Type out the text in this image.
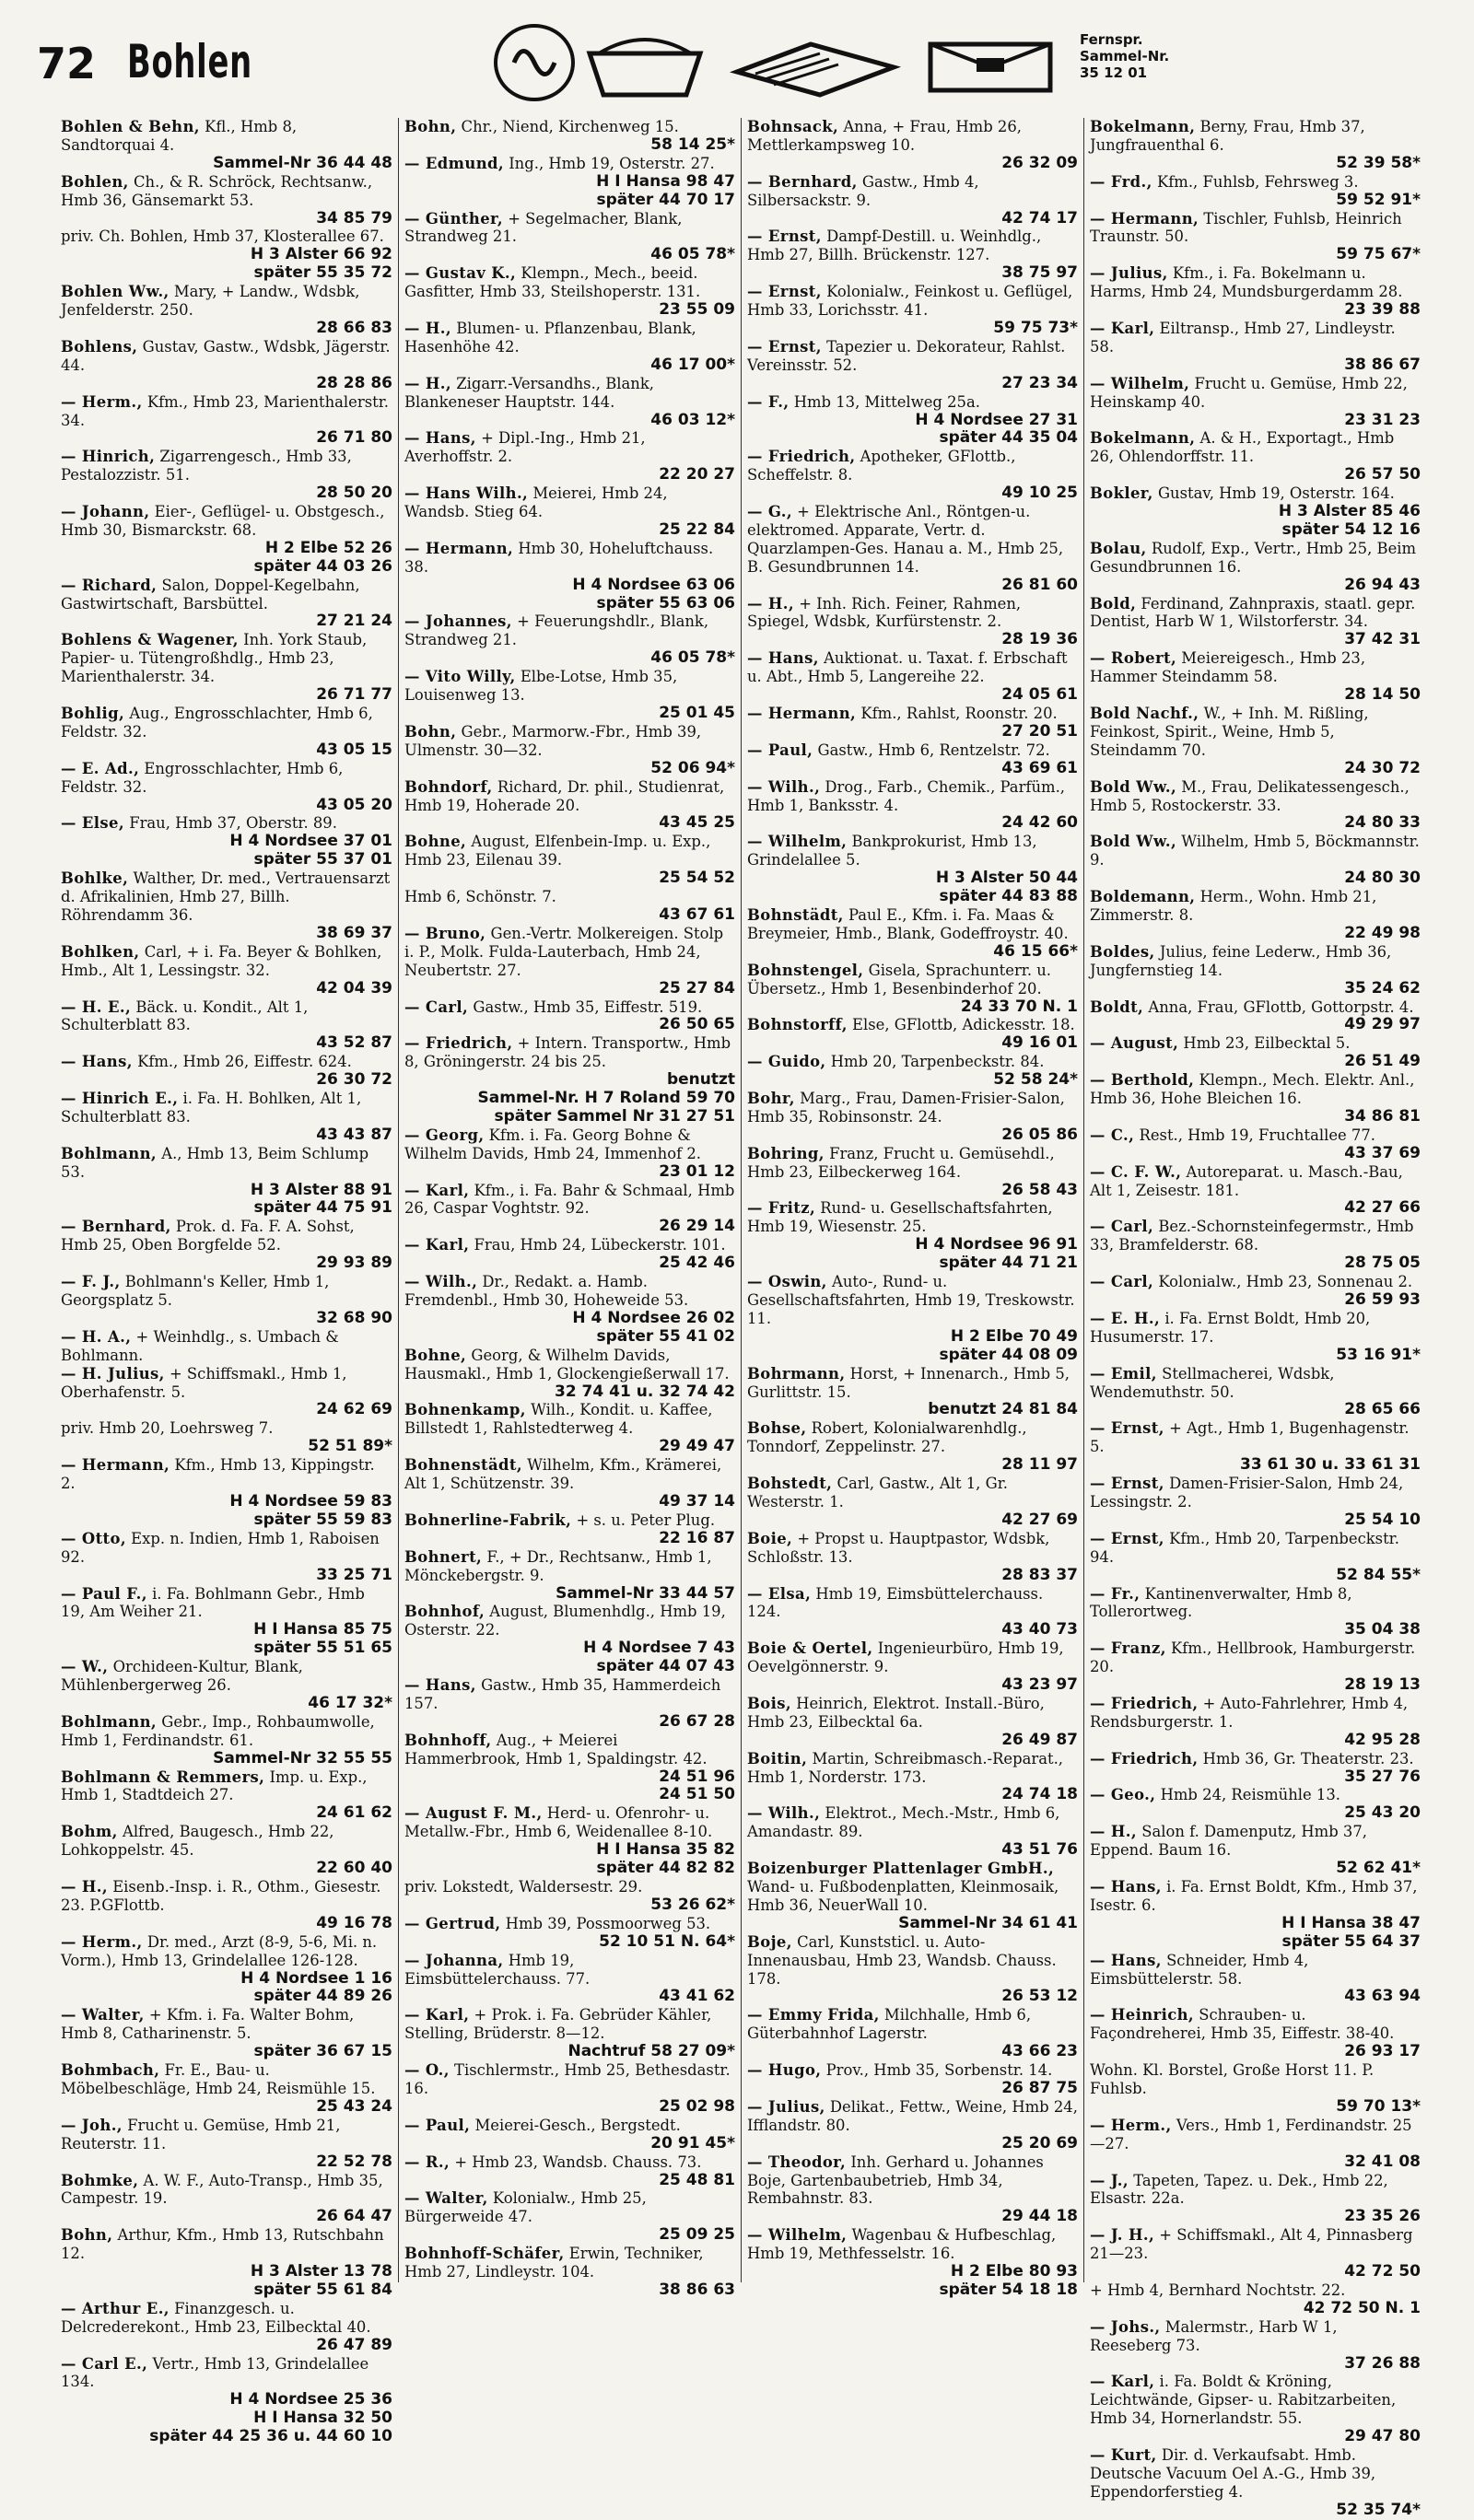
72 Bohlen	Fernspr.
Sammel-Nr.
35 12 01
Bohlen & Behn, Kfl., Hmb 8, Sandtorquai 4.
Sammel-Nr 36 44 48
Bohlen, Ch., & R. Schröck, Rechtsanw., Hmb 36, Gänsemarkt 53.
34 85 79
priv. Ch. Bohlen, Hmb 37, Klosterallee 67.
H 3 Alster 66 92
später 55 35 72
Bohlen Ww., Mary, + Landw., Wdsbk, Jenfelderstr. 250.
28 66 83
Bohlens, Gustav, Gastw., Wdsbk, Jägerstr. 44.
28 28 86
— Herm., Kfm., Hmb 23, Marienthalerstr. 34.
26 71 80
— Hinrich, Zigarrengesch., Hmb 33, Pestalozzistr. 51.
28 50 20
— Johann, Eier-, Geflügel- u. Obstgesch., Hmb 30, Bismarckstr. 68.
H 2 Elbe 52 26
später 44 03 26
— Richard, Salon, Doppel-Kegelbahn, Gastwirtschaft, Barsbüttel.
27 21 24
Bohlens & Wagener, Inh. York Staub, Papier- u. Tütengroßhdlg., Hmb 23, Marienthalerstr. 34.
26 71 77
Bohlig, Aug., Engrosschlachter, Hmb 6, Feldstr. 32.
43 05 15
— E. Ad., Engrosschlachter, Hmb 6, Feldstr. 32.
43 05 20
— Else, Frau, Hmb 37, Oberstr. 89.
H 4 Nordsee 37 01
später 55 37 01
Bohlke, Walther, Dr. med., Vertrauensarzt d. Afrikalinien, Hmb 27, Billh. Röhrendamm 36.
38 69 37
Bohlken, Carl, + i. Fa. Beyer & Bohlken, Hmb., Alt 1, Lessingstr. 32.
42 04 39
— H. E., Bäck. u. Kondit., Alt 1, Schulterblatt 83.
43 52 87
— Hans, Kfm., Hmb 26, Eiffestr. 624.
26 30 72
— Hinrich E., i. Fa. H. Bohlken, Alt 1, Schulterblatt 83.
43 43 87
Bohlmann, A., Hmb 13, Beim Schlump 53.
H 3 Alster 88 91
später 44 75 91
— Bernhard, Prok. d. Fa. F. A. Sohst, Hmb 25, Oben Borgfelde 52.
29 93 89
— F. J., Bohlmann's Keller, Hmb 1, Georgsplatz 5.
32 68 90
— H. A., + Weinhdlg., s. Umbach & Bohlmann.
— H. Julius, + Schiffsmakl., Hmb 1, Oberhafenstr. 5.
24 62 69
priv. Hmb 20, Loehrsweg 7.
52 51 89*
— Hermann, Kfm., Hmb 13, Kippingstr. 2.
H 4 Nordsee 59 83
später 55 59 83
— Otto, Exp. n. Indien, Hmb 1, Raboisen 92.
33 25 71
— Paul F., i. Fa. Bohlmann Gebr., Hmb 19, Am Weiher 21.
H I Hansa 85 75
später 55 51 65
— W., Orchideen-Kultur, Blank, Mühlenbergerweg 26.
46 17 32*
Bohlmann, Gebr., Imp., Rohbaumwolle, Hmb 1, Ferdinandstr. 61.
Sammel-Nr 32 55 55
Bohlmann & Remmers, Imp. u. Exp., Hmb 1, Stadtdeich 27.
24 61 62
Bohm, Alfred, Baugesch., Hmb 22, Lohkoppelstr. 45.
22 60 40
— H., Eisenb.-Insp. i. R., Othm., Giesestr. 23. P.GFlottb.
49 16 78
— Herm., Dr. med., Arzt (8-9, 5-6, Mi. n. Vorm.), Hmb 13, Grindelallee 126-128.
H 4 Nordsee 1 16
später 44 89 26
— Walter, + Kfm. i. Fa. Walter Bohm, Hmb 8, Catharinenstr. 5.
später 36 67 15
Bohmbach, Fr. E., Bau- u. Möbelbeschläge, Hmb 24, Reismühle 15.
25 43 24
— Joh., Frucht u. Gemüse, Hmb 21, Reuterstr. 11.
22 52 78
Bohmke, A. W. F., Auto-Transp., Hmb 35, Campestr. 19.
26 64 47
Bohn, Arthur, Kfm., Hmb 13, Rutschbahn 12.
H 3 Alster 13 78
später 55 61 84
— Arthur E., Finanzgesch. u. Delcrederekont., Hmb 23, Eilbecktal 40.
26 47 89
— Carl E., Vertr., Hmb 13, Grindelallee 134.
H 4 Nordsee 25 36
H I Hansa 32 50
später 44 25 36 u. 44 60 10
Bohn, Chr., Niend, Kirchenweg 15.
58 14 25*
— Edmund, Ing., Hmb 19, Osterstr. 27.
H I Hansa 98 47
später 44 70 17
— Günther, + Segelmacher, Blank, Strandweg 21.
46 05 78*
— Gustav K., Klempn., Mech., beeid. Gasfitter, Hmb 33, Steilshoperstr. 131.
23 55 09
— H., Blumen- u. Pflanzenbau, Blank, Hasenhöhe 42.
46 17 00*
— H., Zigarr.-Versandhs., Blank, Blankeneser Hauptstr. 144.
46 03 12*
— Hans, + Dipl.-Ing., Hmb 21, Averhoffstr. 2.
22 20 27
— Hans Wilh., Meierei, Hmb 24, Wandsb. Stieg 64.
25 22 84
— Hermann, Hmb 30, Hoheluftchauss. 38.
H 4 Nordsee 63 06
später 55 63 06
— Johannes, + Feuerungshdlr., Blank, Strandweg 21.
46 05 78*
— Vito Willy, Elbe-Lotse, Hmb 35, Louisenweg 13.
25 01 45
Bohn, Gebr., Marmorw.-Fbr., Hmb 39, Ulmenstr. 30—32.
52 06 94*
Bohndorf, Richard, Dr. phil., Studienrat, Hmb 19, Hoherade 20.
43 45 25
Bohne, August, Elfenbein-Imp. u. Exp., Hmb 23, Eilenau 39.
25 54 52
Hmb 6, Schönstr. 7.
43 67 61
— Bruno, Gen.-Vertr. Molkereigen. Stolp i. P., Molk. Fulda-Lauterbach, Hmb 24, Neubertstr. 27.
25 27 84
— Carl, Gastw., Hmb 35, Eiffestr. 519.
26 50 65
— Friedrich, + Intern. Transportw., Hmb 8, Gröningerstr. 24 bis 25.
benutzt
Sammel-Nr. H 7 Roland 59 70
später Sammel Nr 31 27 51
— Georg, Kfm. i. Fa. Georg Bohne & Wilhelm Davids, Hmb 24, Immenhof 2.
23 01 12
— Karl, Kfm., i. Fa. Bahr & Schmaal, Hmb 26, Caspar Voghtstr. 92.
26 29 14
— Karl, Frau, Hmb 24, Lübeckerstr. 101.
25 42 46
— Wilh., Dr., Redakt. a. Hamb. Fremdenbl., Hmb 30, Hoheweide 53.
H 4 Nordsee 26 02
später 55 41 02
Bohne, Georg, & Wilhelm Davids, Hausmakl., Hmb 1, Glockengießerwall 17.
32 74 41 u. 32 74 42
Bohnenkamp, Wilh., Kondit. u. Kaffee, Billstedt 1, Rahlstedterweg 4.
29 49 47
Bohnenstädt, Wilhelm, Kfm., Krämerei, Alt 1, Schützenstr. 39.
49 37 14
Bohnerline-Fabrik, + s. u. Peter Plug.
22 16 87
Bohnert, F., + Dr., Rechtsanw., Hmb 1, Mönckebergstr. 9.
Sammel-Nr 33 44 57
Bohnhof, August, Blumenhdlg., Hmb 19, Osterstr. 22.
H 4 Nordsee 7 43
später 44 07 43
— Hans, Gastw., Hmb 35, Hammerdeich 157.
26 67 28
Bohnhoff, Aug., + Meierei Hammerbrook, Hmb 1, Spaldingstr. 42.
24 51 96
24 51 50
— August F. M., Herd- u. Ofenrohr- u. Metallw.-Fbr., Hmb 6, Weidenallee 8-10.
H I Hansa 35 82
später 44 82 82
priv. Lokstedt, Waldersestr. 29.
53 26 62*
— Gertrud, Hmb 39, Possmoorweg 53.
52 10 51 N. 64*
— Johanna, Hmb 19, Eimsbüttelerchauss. 77.
43 41 62
— Karl, + Prok. i. Fa. Gebrüder Kähler, Stelling, Brüderstr. 8—12.
Nachtruf 58 27 09*
— O., Tischlermstr., Hmb 25, Bethesdastr. 16.
25 02 98
— Paul, Meierei-Gesch., Bergstedt.
20 91 45*
— R., + Hmb 23, Wandsb. Chauss. 73.
25 48 81
— Walter, Kolonialw., Hmb 25, Bürgerweide 47.
25 09 25
Bohnhoff-Schäfer, Erwin, Techniker, Hmb 27, Lindleystr. 104.
38 86 63
Bohnsack, Anna, + Frau, Hmb 26, Mettlerkampsweg 10.
26 32 09
— Bernhard, Gastw., Hmb 4, Silbersackstr. 9.
42 74 17
— Ernst, Dampf-Destill. u. Weinhdlg., Hmb 27, Billh. Brückenstr. 127.
38 75 97
— Ernst, Kolonialw., Feinkost u. Geflügel, Hmb 33, Lorichsstr. 41.
59 75 73*
— Ernst, Tapezier u. Dekorateur, Rahlst. Vereinsstr. 52.
27 23 34
— F., Hmb 13, Mittelweg 25a.
H 4 Nordsee 27 31
später 44 35 04
— Friedrich, Apotheker, GFlottb., Scheffelstr. 8.
49 10 25
— G., + Elektrische Anl., Röntgen-u. elektromed. Apparate, Vertr. d. Quarzlampen-Ges. Hanau a. M., Hmb 25, B. Gesundbrunnen 14.
26 81 60
— H., + Inh. Rich. Feiner, Rahmen, Spiegel, Wdsbk, Kurfürstenstr. 2.
28 19 36
— Hans, Auktionat. u. Taxat. f. Erbschaft u. Abt., Hmb 5, Langereihe 22.
24 05 61
— Hermann, Kfm., Rahlst, Roonstr. 20.
27 20 51
— Paul, Gastw., Hmb 6, Rentzelstr. 72.
43 69 61
— Wilh., Drog., Farb., Chemik., Parfüm., Hmb 1, Banksstr. 4.
24 42 60
— Wilhelm, Bankprokurist, Hmb 13, Grindelallee 5.
H 3 Alster 50 44
später 44 83 88
Bohnstädt, Paul E., Kfm. i. Fa. Maas & Breymeier, Hmb., Blank, Godeffroystr. 40.
46 15 66*
Bohnstengel, Gisela, Sprachunterr. u. Übersetz., Hmb 1, Besenbinderhof 20.
24 33 70 N. 1
Bohnstorff, Else, GFlottb, Adickesstr. 18.
49 16 01
— Guido, Hmb 20, Tarpenbeckstr. 84.
52 58 24*
Bohr, Marg., Frau, Damen-Frisier-Salon, Hmb 35, Robinsonstr. 24.
26 05 86
Bohring, Franz, Frucht u. Gemüsehdl., Hmb 23, Eilbeckerweg 164.
26 58 43
— Fritz, Rund- u. Gesellschaftsfahrten, Hmb 19, Wiesenstr. 25.
H 4 Nordsee 96 91
später 44 71 21
— Oswin, Auto-, Rund- u. Gesellschaftsfahrten, Hmb 19, Treskowstr. 11.
H 2 Elbe 70 49
später 44 08 09
Bohrmann, Horst, + Innenarch., Hmb 5, Gurlittstr. 15.
benutzt 24 81 84
Bohse, Robert, Kolonialwarenhdlg., Tonndorf, Zeppelinstr. 27.
28 11 97
Bohstedt, Carl, Gastw., Alt 1, Gr. Westerstr. 1.
42 27 69
Boie, + Propst u. Hauptpastor, Wdsbk, Schloßstr. 13.
28 83 37
— Elsa, Hmb 19, Eimsbüttelerchauss. 124.
43 40 73
Boie & Oertel, Ingenieurbüro, Hmb 19, Oevelgönnerstr. 9.
43 23 97
Bois, Heinrich, Elektrot. Install.-Büro, Hmb 23, Eilbecktal 6a.
26 49 87
Boitin, Martin, Schreibmasch.-Reparat., Hmb 1, Norderstr. 173.
24 74 18
— Wilh., Elektrot., Mech.-Mstr., Hmb 6, Amandastr. 89.
43 51 76
Boizenburger Plattenlager GmbH., Wand- u. Fußbodenplatten, Kleinmosaik, Hmb 36, NeuerWall 10.
Sammel-Nr 34 61 41
Boje, Carl, Kunststicl. u. Auto-Innenausbau, Hmb 23, Wandsb. Chauss. 178.
26 53 12
— Emmy Frida, Milchhalle, Hmb 6, Güterbahnhof Lagerstr.
43 66 23
— Hugo, Prov., Hmb 35, Sorbenstr. 14.
26 87 75
— Julius, Delikat., Fettw., Weine, Hmb 24, Ifflandstr. 80.
25 20 69
— Theodor, Inh. Gerhard u. Johannes Boje, Gartenbaubetrieb, Hmb 34, Rembahnstr. 83.
29 44 18
— Wilhelm, Wagenbau & Hufbeschlag, Hmb 19, Methfesselstr. 16.
H 2 Elbe 80 93
später 54 18 18
Bokelmann, Berny, Frau, Hmb 37, Jungfrauenthal 6.
52 39 58*
— Frd., Kfm., Fuhlsb, Fehrsweg 3.
59 52 91*
— Hermann, Tischler, Fuhlsb, Heinrich Traunstr. 50.
59 75 67*
— Julius, Kfm., i. Fa. Bokelmann u. Harms, Hmb 24, Mundsburgerdamm 28.
23 39 88
— Karl, Eiltransp., Hmb 27, Lindleystr. 58.
38 86 67
— Wilhelm, Frucht u. Gemüse, Hmb 22, Heinskamp 40.
23 31 23
Bokelmann, A. & H., Exportagt., Hmb 26, Ohlendorffstr. 11.
26 57 50
Bokler, Gustav, Hmb 19, Osterstr. 164.
H 3 Alster 85 46
später 54 12 16
Bolau, Rudolf, Exp., Vertr., Hmb 25, Beim Gesundbrunnen 16.
26 94 43
Bold, Ferdinand, Zahnpraxis, staatl. gepr. Dentist, Harb W 1, Wilstorferstr. 34.
37 42 31
— Robert, Meiereigesch., Hmb 23, Hammer Steindamm 58.
28 14 50
Bold Nachf., W., + Inh. M. Rißling, Feinkost, Spirit., Weine, Hmb 5, Steindamm 70.
24 30 72
Bold Ww., M., Frau, Delikatessengesch., Hmb 5, Rostockerstr. 33.
24 80 33
Bold Ww., Wilhelm, Hmb 5, Böckmannstr. 9.
24 80 30
Boldemann, Herm., Wohn. Hmb 21, Zimmerstr. 8.
22 49 98
Boldes, Julius, feine Lederw., Hmb 36, Jungfernstieg 14.
35 24 62
Boldt, Anna, Frau, GFlottb, Gottorpstr. 4.
49 29 97
— August, Hmb 23, Eilbecktal 5.
26 51 49
— Berthold, Klempn., Mech. Elektr. Anl., Hmb 36, Hohe Bleichen 16.
34 86 81
— C., Rest., Hmb 19, Fruchtallee 77.
43 37 69
— C. F. W., Autoreparat. u. Masch.-Bau, Alt 1, Zeisestr. 181.
42 27 66
— Carl, Bez.-Schornsteinfegermstr., Hmb 33, Bramfelderstr. 68.
28 75 05
— Carl, Kolonialw., Hmb 23, Sonnenau 2.
26 59 93
— E. H., i. Fa. Ernst Boldt, Hmb 20, Husumerstr. 17.
53 16 91*
— Emil, Stellmacherei, Wdsbk, Wendemuthstr. 50.
28 65 66
— Ernst, + Agt., Hmb 1, Bugenhagenstr. 5.
33 61 30 u. 33 61 31
— Ernst, Damen-Frisier-Salon, Hmb 24, Lessingstr. 2.
25 54 10
— Ernst, Kfm., Hmb 20, Tarpenbeckstr. 94.
52 84 55*
— Fr., Kantinenverwalter, Hmb 8, Tollerortweg.
35 04 38
— Franz, Kfm., Hellbrook, Hamburgerstr. 20.
28 19 13
— Friedrich, + Auto-Fahrlehrer, Hmb 4, Rendsburgerstr. 1.
42 95 28
— Friedrich, Hmb 36, Gr. Theaterstr. 23.
35 27 76
— Geo., Hmb 24, Reismühle 13.
25 43 20
— H., Salon f. Damenputz, Hmb 37, Eppend. Baum 16.
52 62 41*
— Hans, i. Fa. Ernst Boldt, Kfm., Hmb 37, Isestr. 6.
H I Hansa 38 47
später 55 64 37
— Hans, Schneider, Hmb 4, Eimsbüttelerstr. 58.
43 63 94
— Heinrich, Schrauben- u. Façondreherei, Hmb 35, Eiffestr. 38-40.
26 93 17
Wohn. Kl. Borstel, Große Horst 11. P. Fuhlsb.
59 70 13*
— Herm., Vers., Hmb 1, Ferdinandstr. 25—27.
32 41 08
— J., Tapeten, Tapez. u. Dek., Hmb 22, Elsastr. 22a.
23 35 26
— J. H., + Schiffsmakl., Alt 4, Pinnasberg 21—23.
42 72 50
+ Hmb 4, Bernhard Nochtstr. 22.
42 72 50 N. 1
— Johs., Malermstr., Harb W 1, Reeseberg 73.
37 26 88
— Karl, i. Fa. Boldt & Kröning, Leichtwände, Gipser- u. Rabitzarbeiten, Hmb 34, Hornerlandstr. 55.
29 47 80
— Kurt, Dir. d. Verkaufsabt. Hmb. Deutsche Vacuum Oel A.-G., Hmb 39, Eppendorferstieg 4.
52 35 74*
